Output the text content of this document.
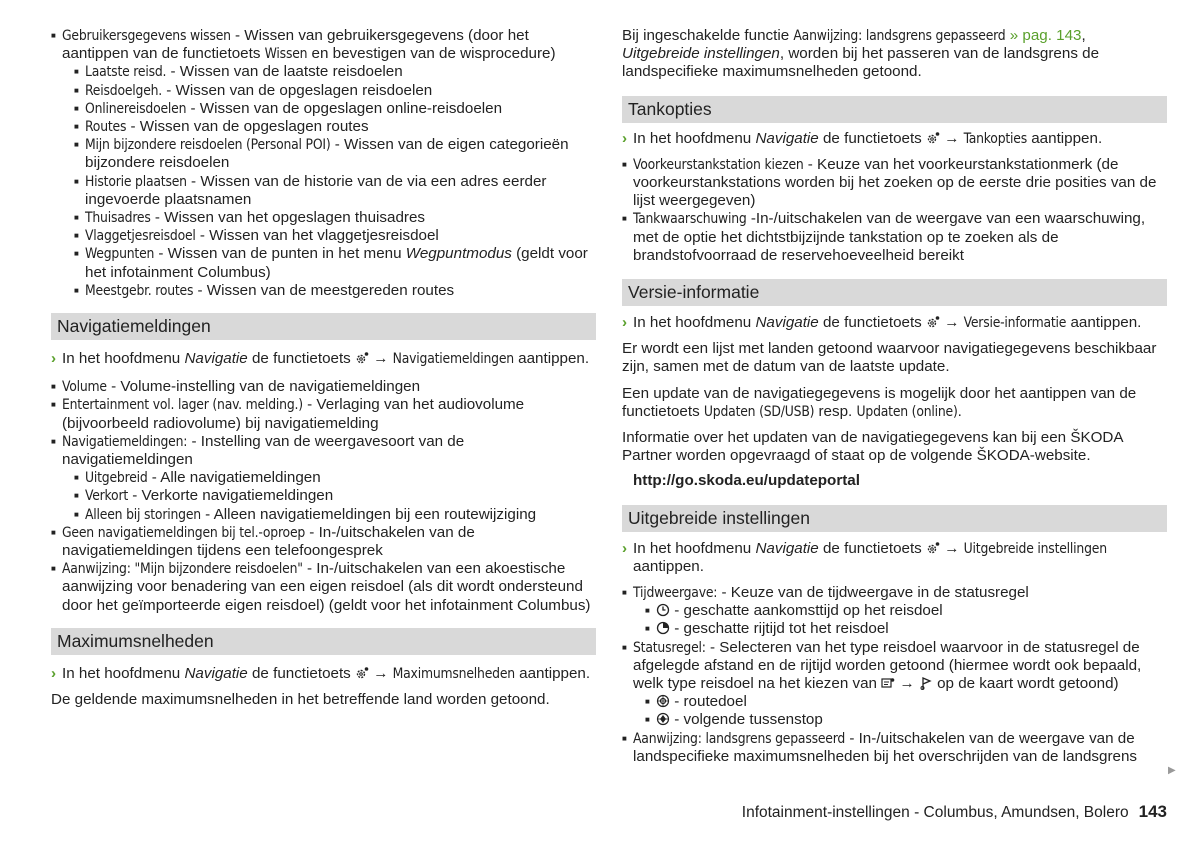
■ Gebruikersgegevens wissen - Wissen van gebruikersgegevens (door het aantippen van de functietoets Wissen en bevestigen van de wisprocedure)
■ Laatste reisd. - Wissen van de laatste reisdoelen
■ Reisdoelgeh. - Wissen van de opgeslagen reisdoelen
■ Onlinereisdoelen - Wissen van de opgeslagen online-reisdoelen
■ Routes - Wissen van de opgeslagen routes
■ Mijn bijzondere reisdoelen (Personal POI) - Wissen van de eigen categorieën bijzondere reisdoelen
■ Historie plaatsen - Wissen van de historie van de via een adres eerder ingevoerde plaatsnamen
■ Thuisadres - Wissen van het opgeslagen thuisadres
■ Vlaggetjesreisdoel - Wissen van het vlaggetjesreisdoel
■ Wegpunten - Wissen van de punten in het menu Wegpuntmodus (geldt voor het infotainment Columbus)
■ Meestgebr. routes - Wissen van de meestgereden routes
Navigatiemeldingen
› In het hoofdmenu Navigatie de functietoets  → Navigatiemeldingen aantippen.
■ Volume - Volume-instelling van de navigatiemeldingen
■ Entertainment vol. lager (nav. melding.) - Verlaging van het audiovolume (bijvoorbeeld radiovolume) bij navigatiemelding
■ Navigatiemeldingen: - Instelling van de weergavesoort van de navigatiemeldingen
■ Uitgebreid - Alle navigatiemeldingen
■ Verkort - Verkorte navigatiemeldingen
■ Alleen bij storingen - Alleen navigatiemeldingen bij een routewijziging
■ Geen navigatiemeldingen bij tel.-oproep - In-/uitschakelen van de navigatiemeldingen tijdens een telefoongesprek
■ Aanwijzing: "Mijn bijzondere reisdoelen" - In-/uitschakelen van een akoestische aanwijzing voor benadering van een eigen reisdoel (als dit wordt ondersteund door het geïmporteerde eigen reisdoel) (geldt voor het infotainment Columbus)
Maximumsnelheden
› In het hoofdmenu Navigatie de functietoets  → Maximumsnelheden aantippen.

De geldende maximumsnelheden in het betreffende land worden getoond.

Bij ingeschakelde functie Aanwijzing: landsgrens gepasseerd » pag. 143, Uitgebreide instellingen, worden bij het passeren van de landsgrens de landspecifieke maximumsnelheden getoond.

Tankopties
› In het hoofdmenu Navigatie de functietoets  → Tankopties aantippen.
■ Voorkeurstankstation kiezen - Keuze van het voorkeurstankstationmerk (de voorkeurstankstations worden bij het zoeken op de eerste drie posities van de lijst weergegeven)
■ Tankwaarschuwing -In-/uitschakelen van de weergave van een waarschuwing, met de optie het dichtstbijzijnde tankstation op te zoeken als de brandstofvoorraad de reservehoeveelheid bereikt
Versie-informatie
› In het hoofdmenu Navigatie de functietoets  → Versie-informatie aantippen.

Er wordt een lijst met landen getoond waarvoor navigatiegegevens beschikbaar zijn, samen met de datum van de laatste update.

Een update van de navigatiegegevens is mogelijk door het aantippen van de functietoets Updaten (SD/USB) resp. Updaten (online).

Informatie over het updaten van de navigatiegegevens kan bij een ŠKODA Partner worden opgevraagd of staat op de volgende ŠKODA-website.

http://go.skoda.eu/updateportal
Uitgebreide instellingen
› In het hoofdmenu Navigatie de functietoets  → Uitgebreide instellingen aantippen.
■ Tijdweergave: - Keuze van de tijdweergave in de statusregel
■ - geschatte aankomsttijd op het reisdoel
■ - geschatte rijtijd tot het reisdoel
■ Statusregel: - Selecteren van het type reisdoel waarvoor in de statusregel de afgelegde afstand en de rijtijd worden getoond (hiermee wordt ook bepaald, welk type reisdoel na het kiezen van  →  op de kaart wordt getoond)
■ - routedoel
■ - volgende tussenstop
■ Aanwijzing: landsgrens gepasseerd - In-/uitschakelen van de weergave van de landspecifieke maximumsnelheden bij het overschrijden van de landsgrens
▶
Infotainment-instellingen - Columbus, Amundsen, Bolero 143
